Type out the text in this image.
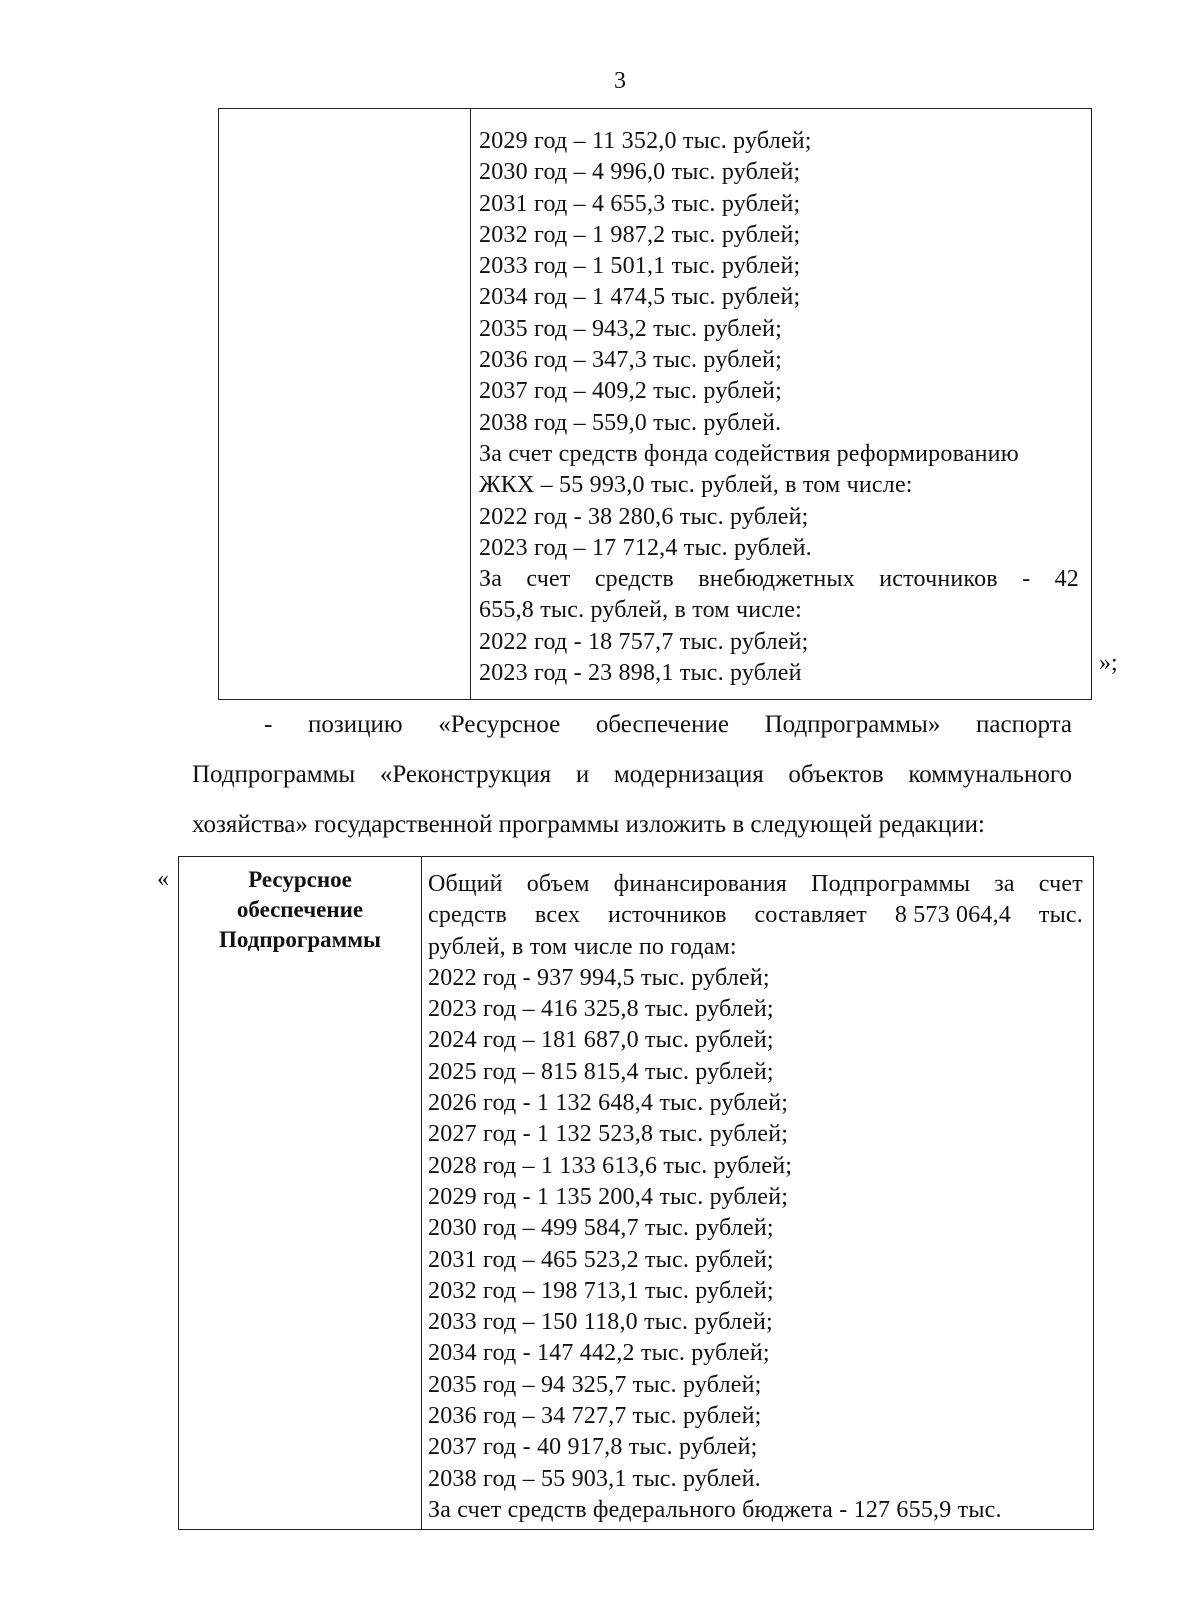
3
2029 год – 11 352,0 тыс. рублей;
2030 год – 4 996,0 тыс. рублей;
2031 год – 4 655,3 тыс. рублей;
2032 год – 1 987,2 тыс. рублей;
2033 год – 1 501,1 тыс. рублей;
2034 год – 1 474,5 тыс. рублей;
2035 год – 943,2 тыс. рублей;
2036 год – 347,3 тыс. рублей;
2037 год – 409,2 тыс. рублей;
2038 год – 559,0 тыс. рублей.
За счет средств фонда содействия реформированию
ЖКХ – 55 993,0 тыс. рублей, в том числе:
2022 год - 38 280,6 тыс. рублей;
2023 год – 17 712,4 тыс. рублей.
За счет средств внебюджетных источников - 42
655,8 тыс. рублей, в том числе:
2022 год - 18 757,7 тыс. рублей;
2023 год - 23 898,1 тыс. рублей	»;
- позицию «Ресурсное обеспечение Подпрограммы» паспорта
Подпрограммы «Реконструкция и модернизация объектов коммунального
хозяйства» государственной программы изложить в следующей редакции:
«	Ресурсное
обеспечение
Подпрограммы
Общий объем финансирования Подпрограммы за счет
средств всех источников составляет 8 573 064,4 тыс.
рублей, в том числе по годам:
2022 год - 937 994,5 тыс. рублей;
2023 год – 416 325,8 тыс. рублей;
2024 год – 181 687,0 тыс. рублей;
2025 год – 815 815,4 тыс. рублей;
2026 год - 1 132 648,4 тыс. рублей;
2027 год - 1 132 523,8 тыс. рублей;
2028 год – 1 133 613,6 тыс. рублей;
2029 год - 1 135 200,4 тыс. рублей;
2030 год – 499 584,7 тыс. рублей;
2031 год – 465 523,2 тыс. рублей;
2032 год – 198 713,1 тыс. рублей;
2033 год – 150 118,0 тыс. рублей;
2034 год - 147 442,2 тыс. рублей;
2035 год – 94 325,7 тыс. рублей;
2036 год – 34 727,7 тыс. рублей;
2037 год - 40 917,8 тыс. рублей;
2038 год – 55 903,1 тыс. рублей.
За счет средств федерального бюджета - 127 655,9 тыс.
